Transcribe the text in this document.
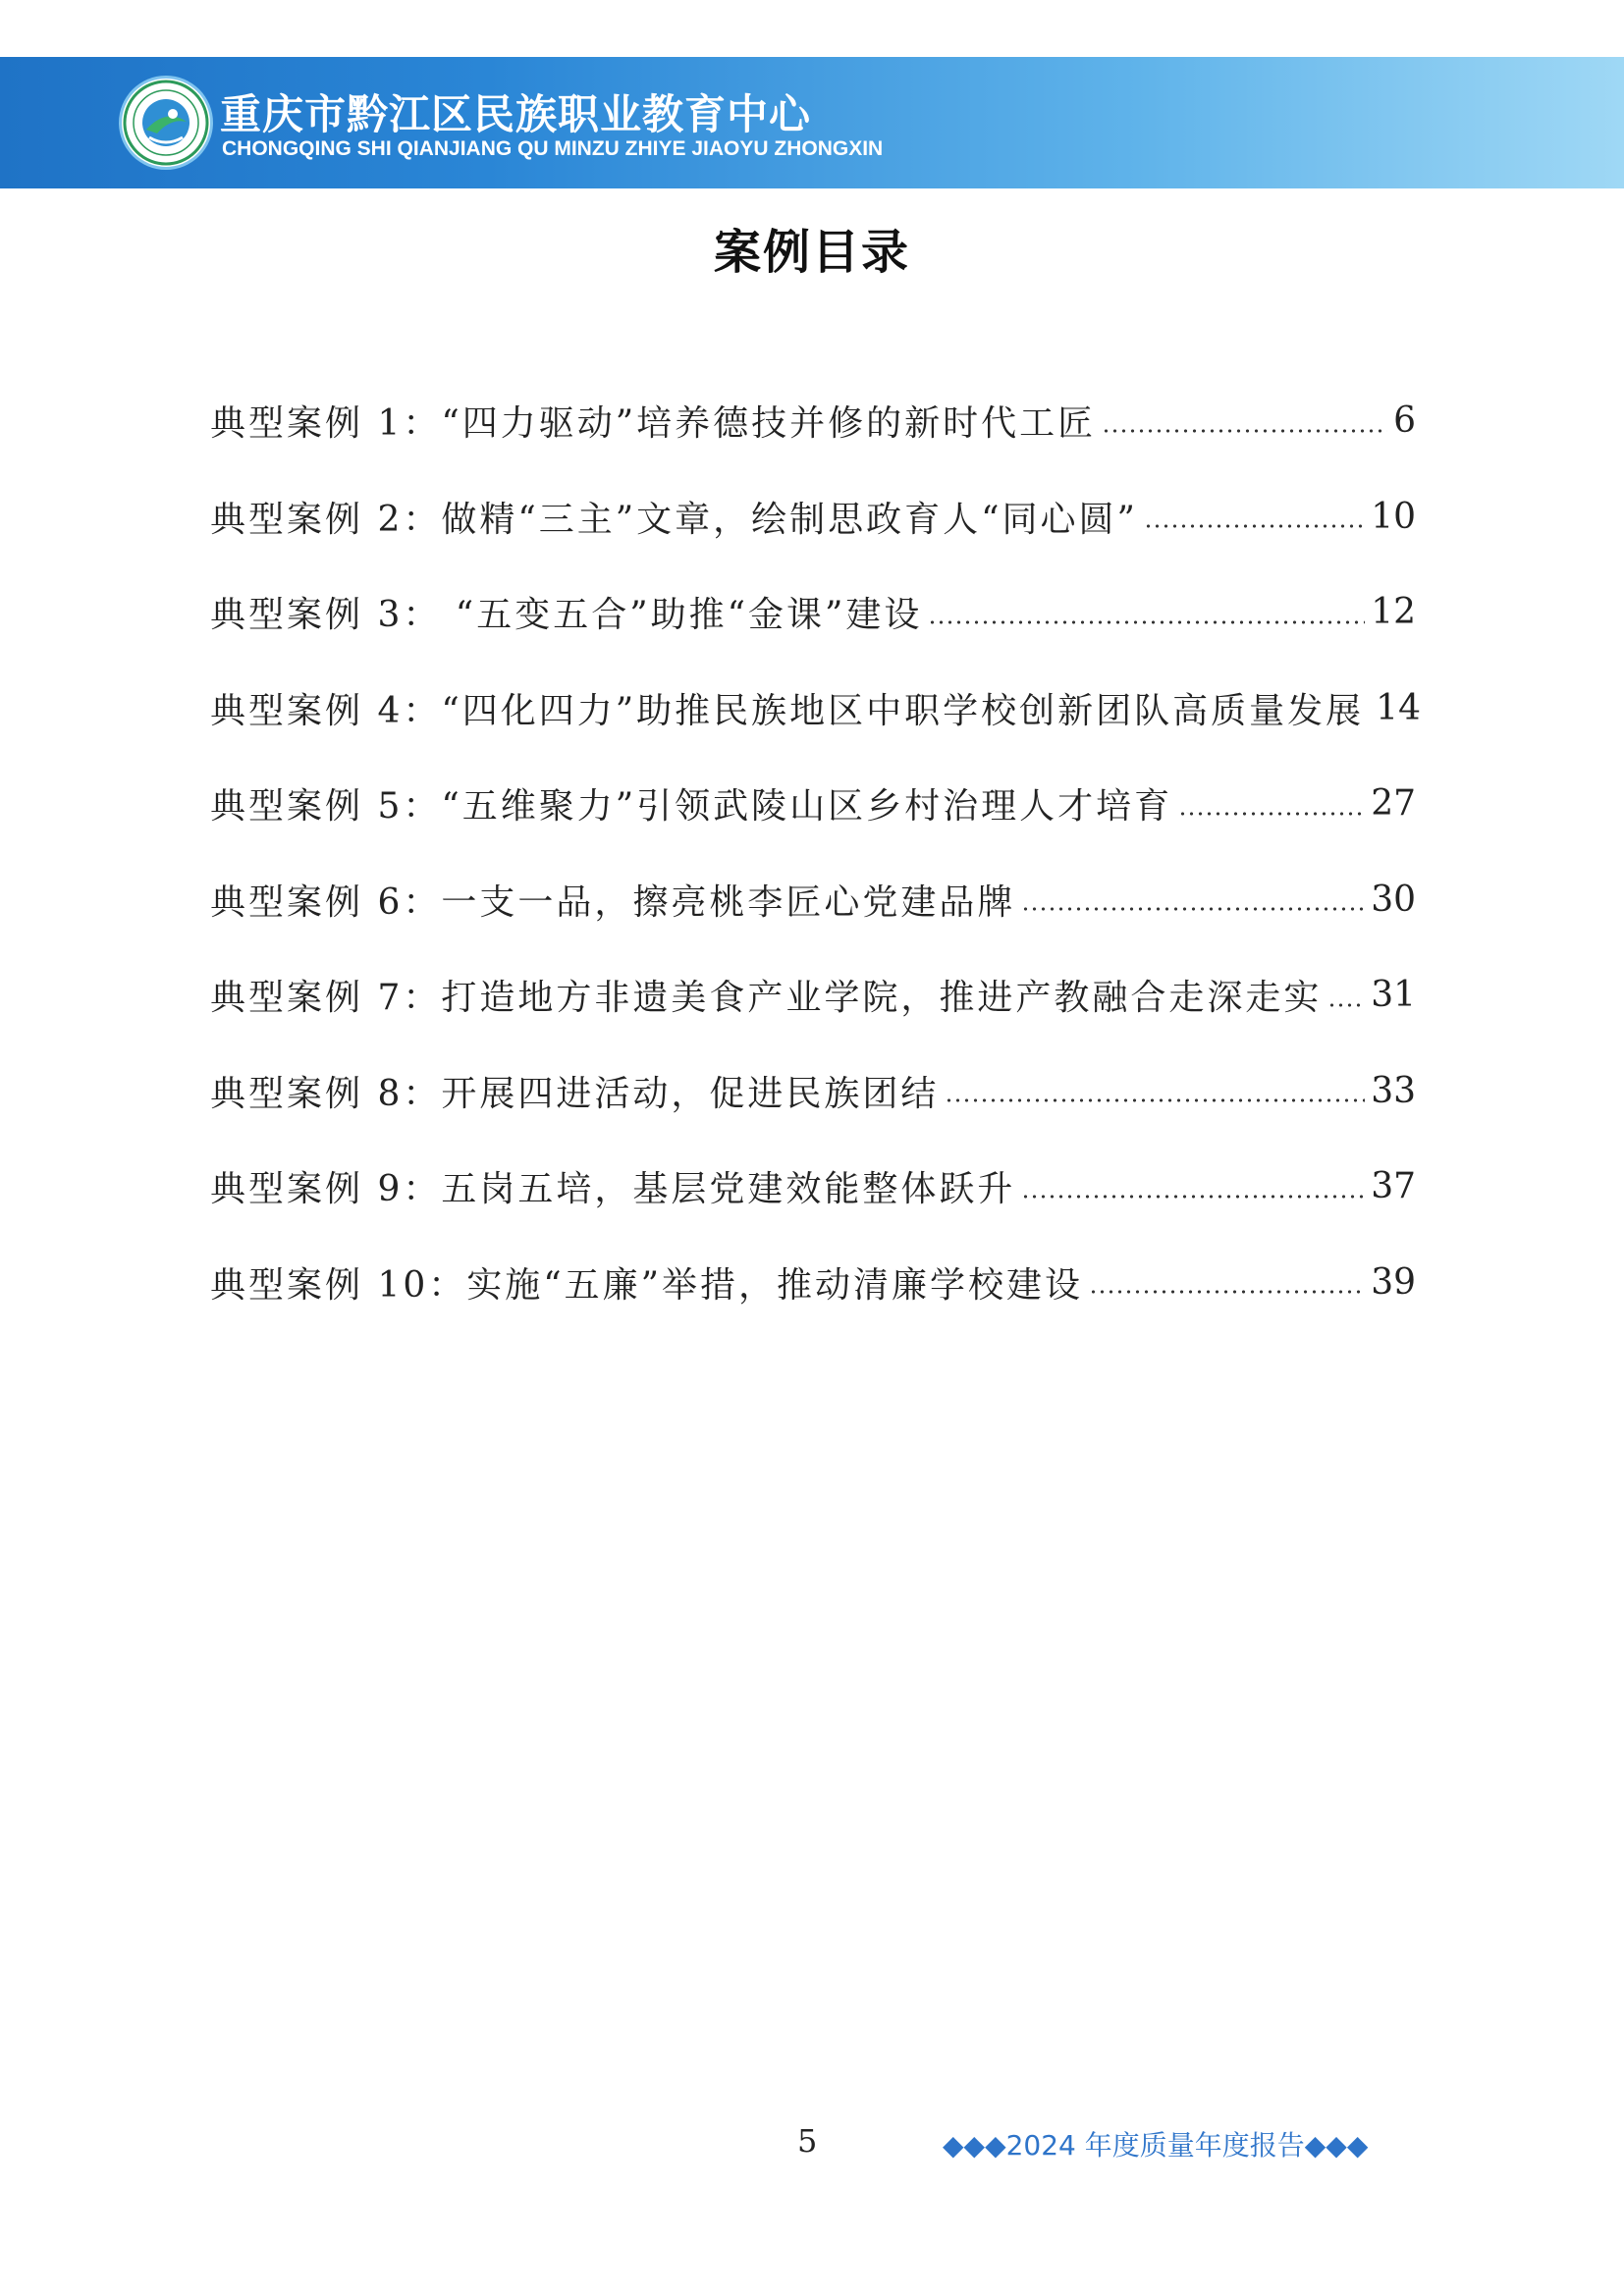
重庆市黔江区民族职业教育中心
CHONGQING SHI QIANJIANG QU MINZU ZHIYE JIAOYU ZHONGXIN
案例目录
典型案例 1：“四力驱动”培养德技并修的新时代工匠	6
典型案例 2：做精“三主”文章，绘制思政育人“同心圆”	10
典型案例 3： “五变五合”助推“金课”建设	12
典型案例 4：“四化四力”助推民族地区中职学校创新团队高质量发展 14
典型案例 5：“五维聚力”引领武陵山区乡村治理人才培育	27
典型案例 6：一支一品，擦亮桃李匠心党建品牌	30
典型案例 7：打造地方非遗美食产业学院，推进产教融合走深走实 31
典型案例 8：开展四进活动，促进民族团结	33
典型案例 9：五岗五培，基层党建效能整体跃升	37
典型案例 10：实施“五廉”举措，推动清廉学校建设	39
5	◆◆◆2024 年度质量年度报告◆◆◆
